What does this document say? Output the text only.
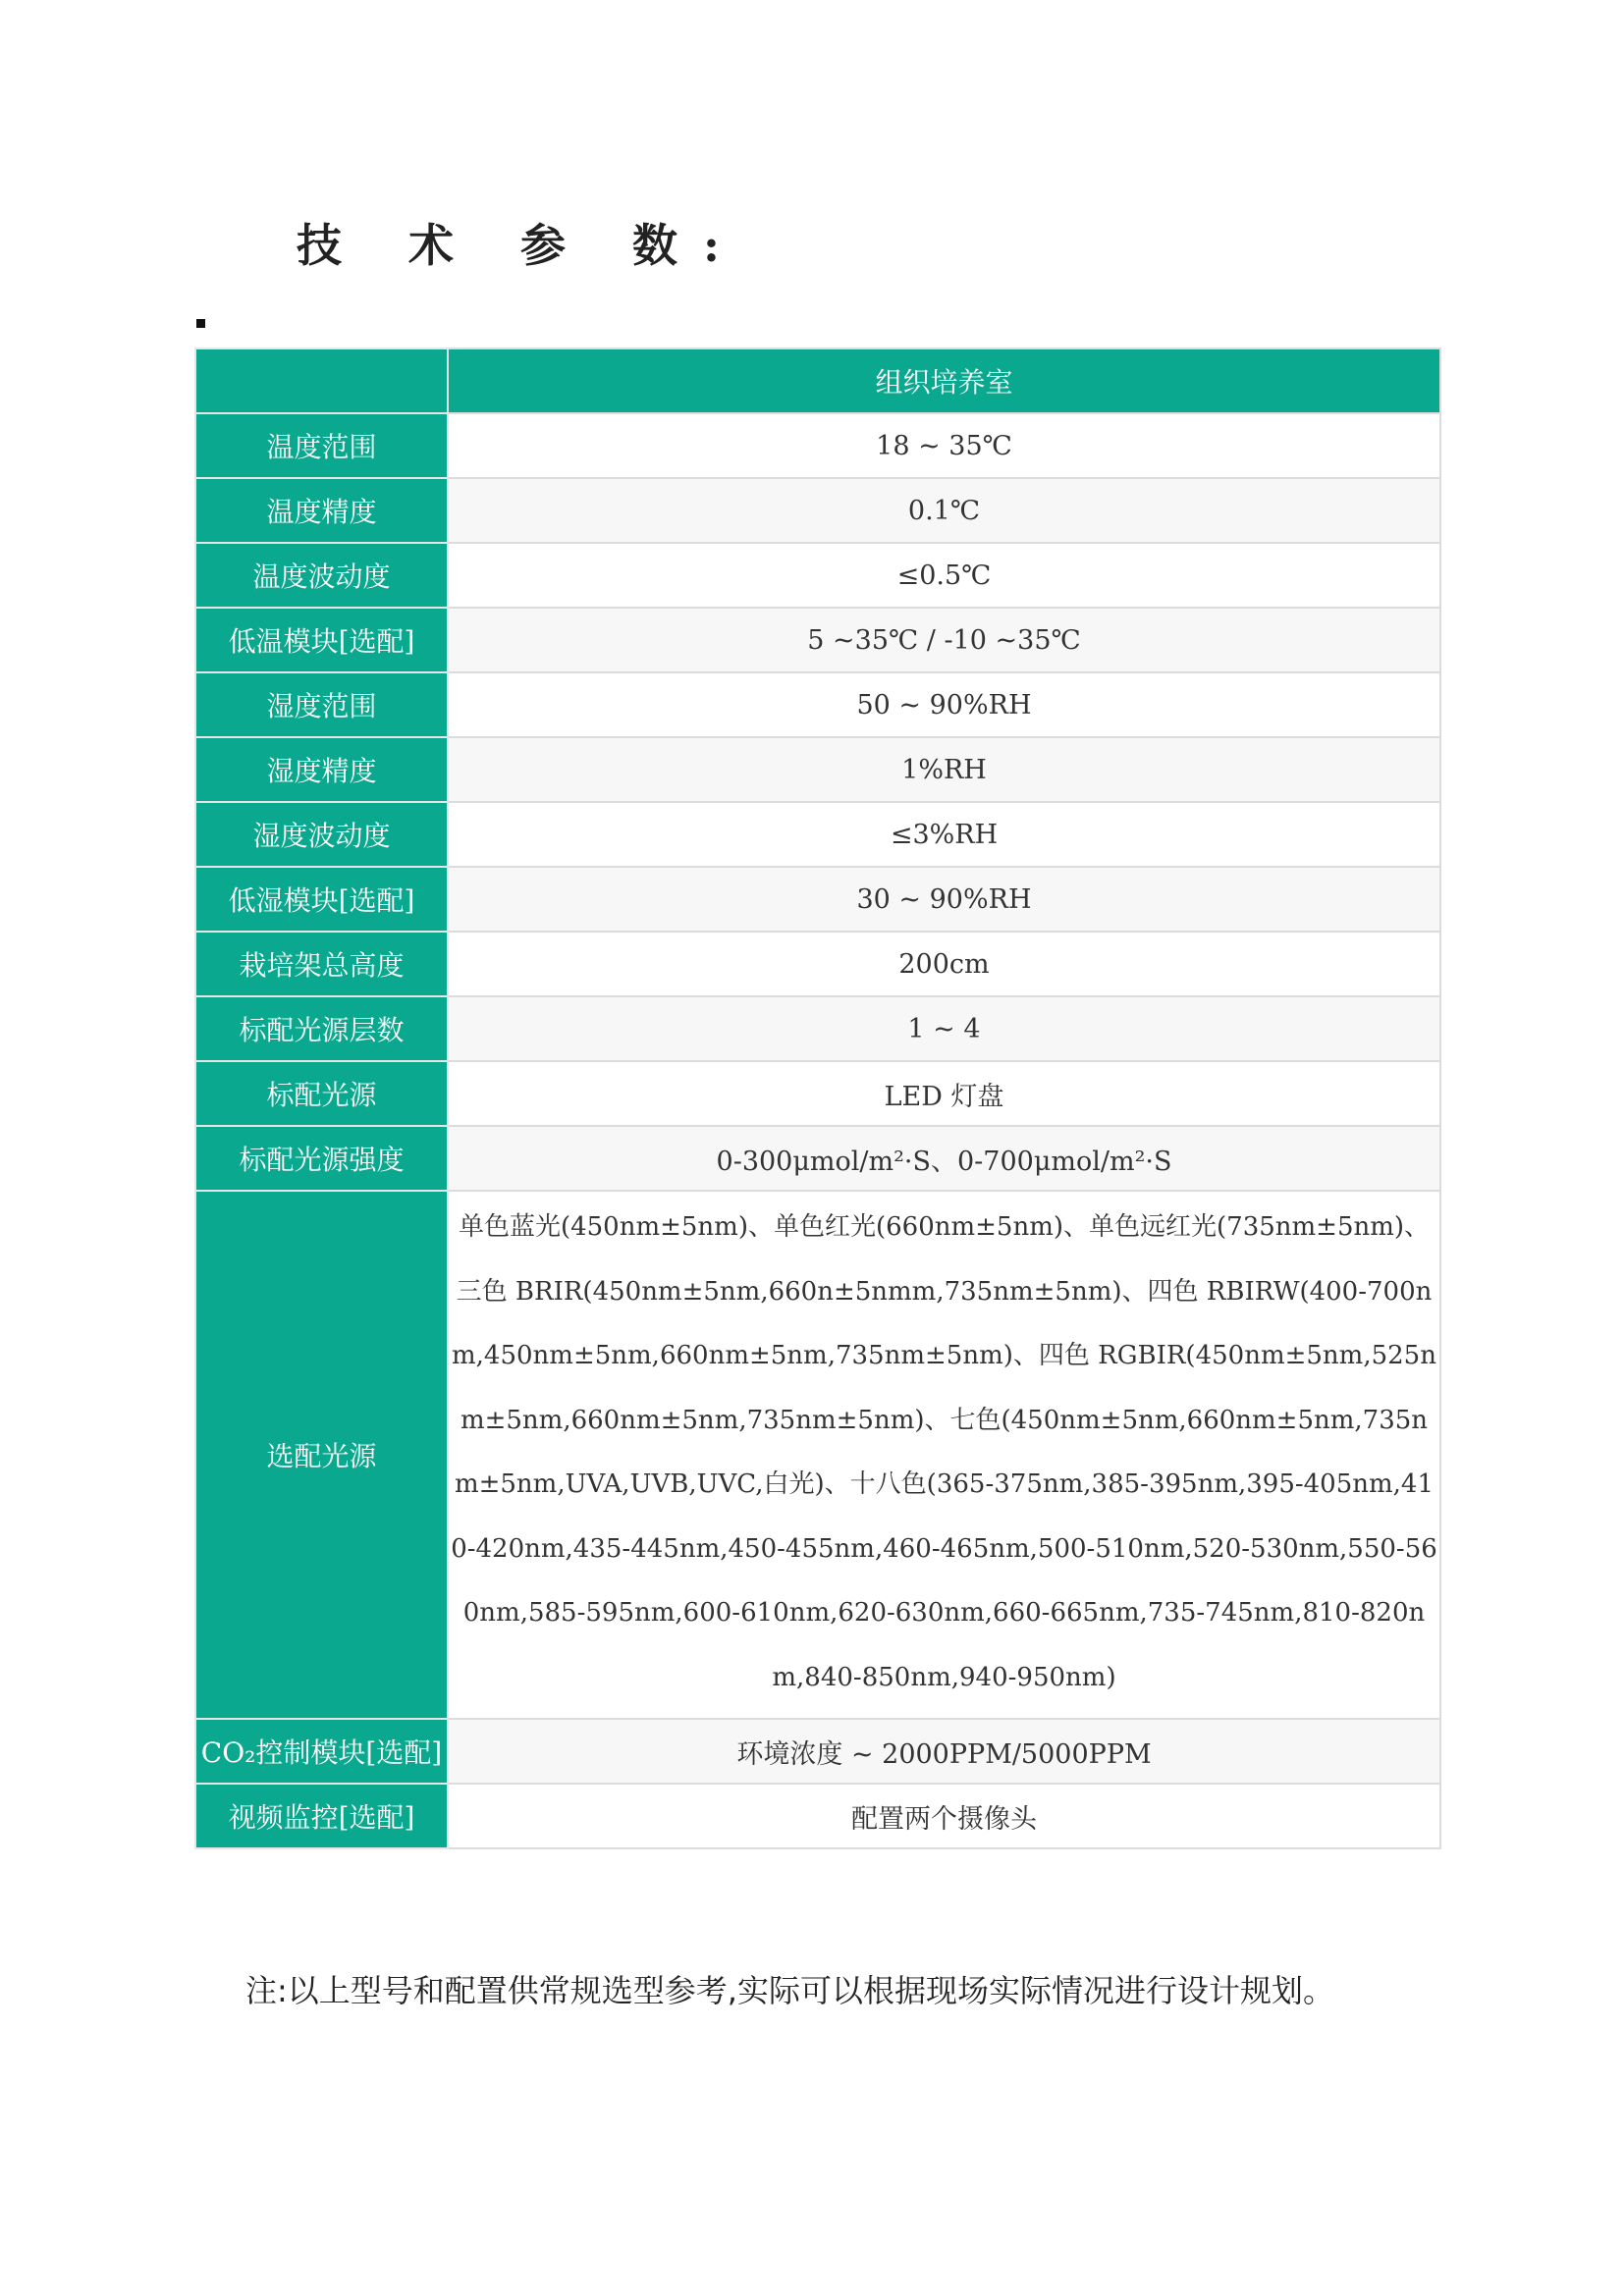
技 术 参 数:
	组织培养室
温度范围	18 ~ 35℃
温度精度	0.1℃
温度波动度	≤0.5℃
低温模块[选配]	5 ~35℃ / -10 ~35℃
湿度范围	50 ~ 90%RH
湿度精度	1%RH
湿度波动度	≤3%RH
低湿模块[选配]	30 ~ 90%RH
栽培架总高度	200cm
标配光源层数	1 ~ 4
标配光源	LED 灯盘
标配光源强度	0-300μmol/m²·S、0-700μmol/m²·S
选配光源	单色蓝光(450nm±5nm)、单色红光(660nm±5nm)、单色远红光(735nm±5nm)、三色 BRIR(450nm±5nm,660n±5nmm,735nm±5nm)、四色 RBIRW(400-700nm,450nm±5nm,660nm±5nm,735nm±5nm)、四色 RGBIR(450nm±5nm,525nm±5nm,660nm±5nm,735nm±5nm)、七色(450nm±5nm,660nm±5nm,735nm±5nm,UVA,UVB,UVC,白光)、十八色(365-375nm,385-395nm,395-405nm,410-420nm,435-445nm,450-455nm,460-465nm,500-510nm,520-530nm,550-560nm,585-595nm,600-610nm,620-630nm,660-665nm,735-745nm,810-820nm,840-850nm,940-950nm)
CO₂控制模块[选配]	环境浓度 ~ 2000PPM/5000PPM
视频监控[选配]	配置两个摄像头
注:以上型号和配置供常规选型参考,实际可以根据现场实际情况进行设计规划。
